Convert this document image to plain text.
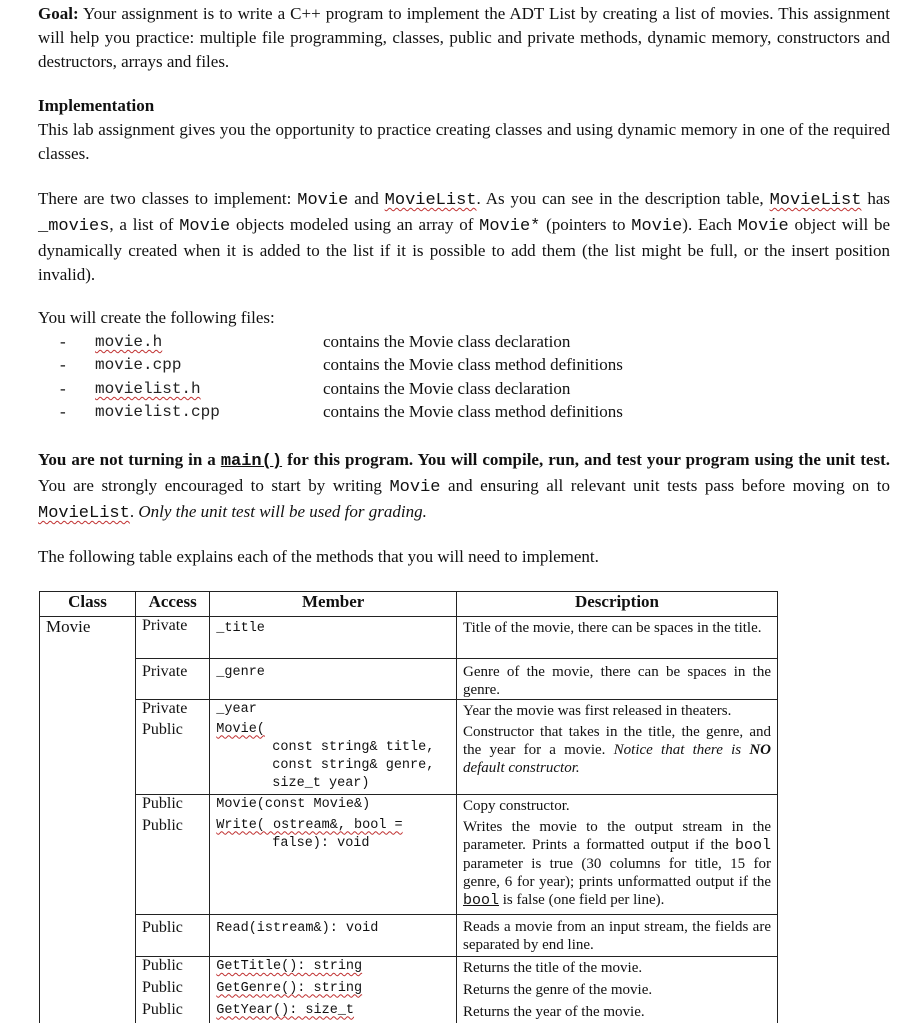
Goal: Your assignment is to write a C++ program to implement the ADT List by creating a list of movies. This assignment will help you practice: multiple file programming, classes, public and private methods, dynamic memory, constructors and destructors, arrays and files.
Implementation
This lab assignment gives you the opportunity to practice creating classes and using dynamic memory in one of the required classes.
There are two classes to implement: Movie and MovieList. As you can see in the description table, MovieList has _movies, a list of Movie objects modeled using an array of Movie* (pointers to Movie). Each Movie object will be dynamically created when it is added to the list if it is possible to add them (the list might be full, or the insert position invalid).
You will create the following files:
-	movie.h	contains the Movie class declaration
-	movie.cpp	contains the Movie class method definitions
-	movielist.h	contains the Movie class declaration
-	movielist.cpp	contains the Movie class method definitions
You are not turning in a main() for this program. You will compile, run, and test your program using the unit test. You are strongly encouraged to start by writing Movie and ensuring all relevant unit tests pass before moving on to MovieList. Only the unit test will be used for grading.
The following table explains each of the methods that you will need to implement.
Class	Access	Member	Description
Movie	Private	_title	Title of the movie, there can be spaces in the title.
	Private	_genre	Genre of the movie, there can be spaces in the genre.
	Private	_year	Year the movie was first released in theaters.
	Public	Movie(
const string& title,
const string& genre,
size_t year)	Constructor that takes in the title, the genre, and the year for a movie. Notice that there is NO default constructor.
	Public	Movie(const Movie&)	Copy constructor.
	Public	Write( ostream&, bool =
false): void	Writes the movie to the output stream in the parameter. Prints a formatted output if the bool parameter is true (30 columns for title, 15 for genre, 6 for year); prints unformatted output if the bool is false (one field per line).
	Public	Read(istream&): void	Reads a movie from an input stream, the fields are separated by end line.
	Public	GetTitle(): string	Returns the title of the movie.
	Public	GetGenre(): string	Returns the genre of the movie.
	Public	GetYear(): size_t	Returns the year of the movie.
